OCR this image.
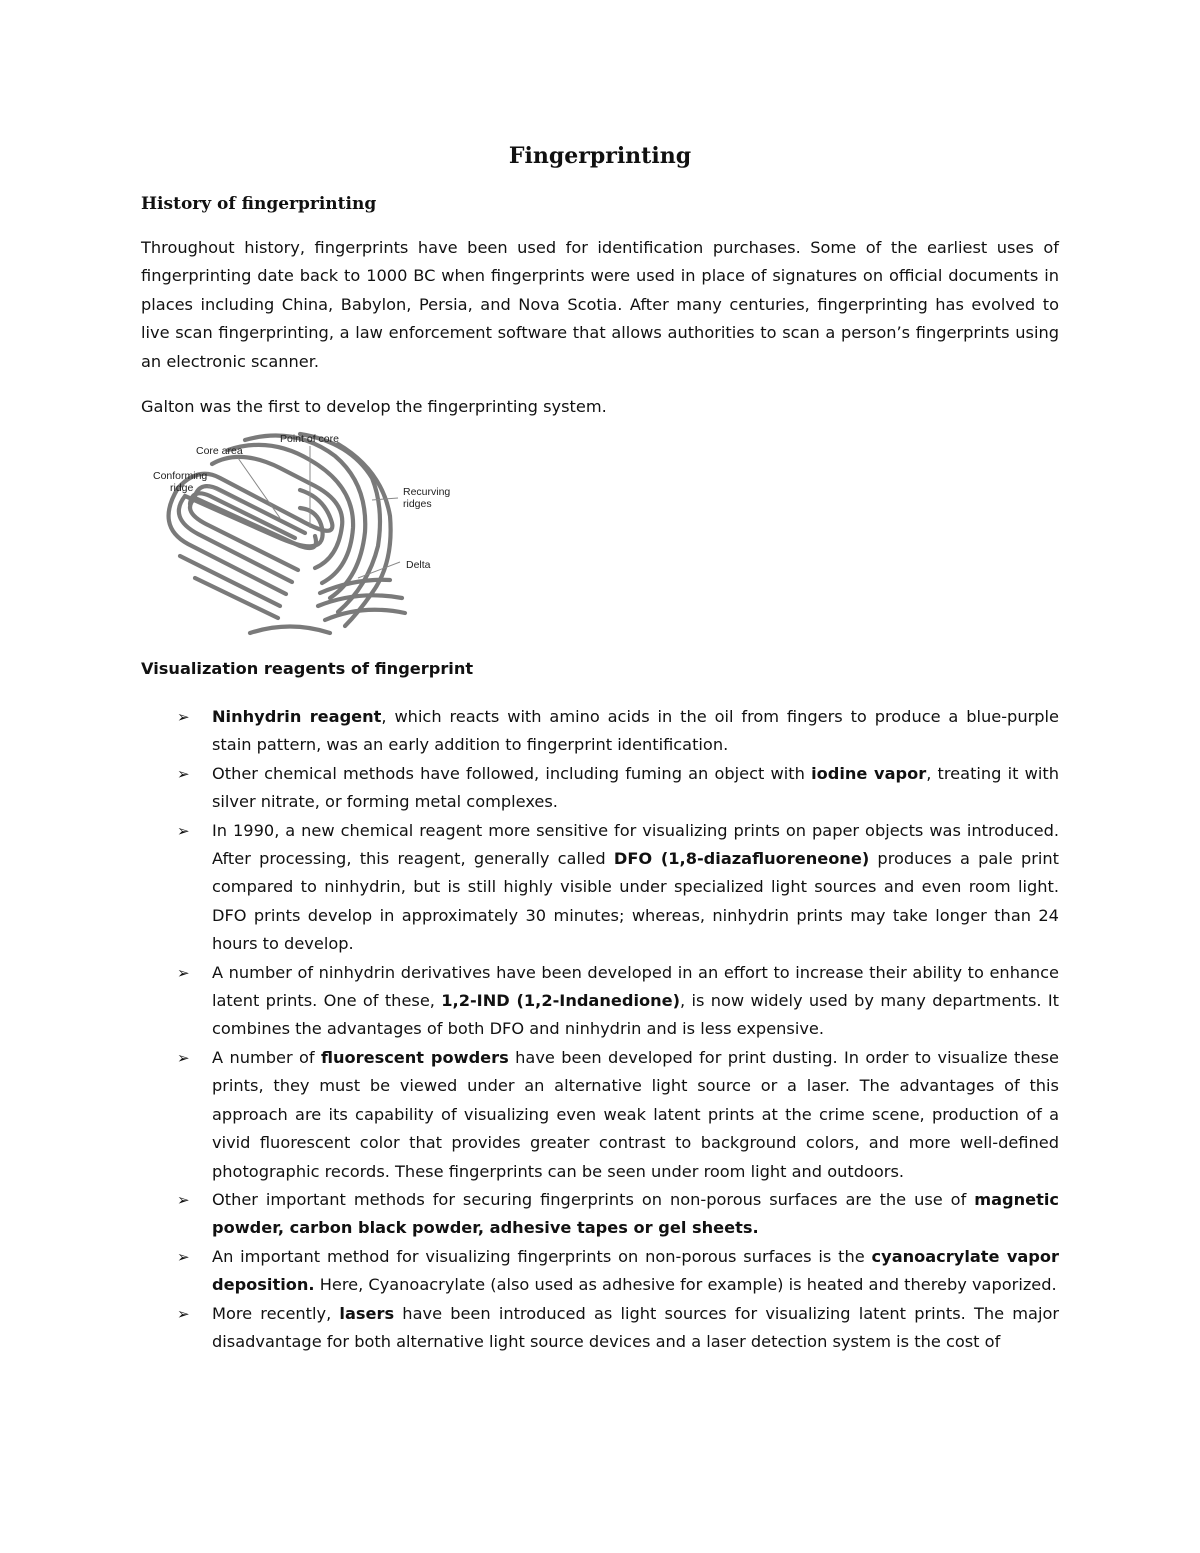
Fingerprinting
History of fingerprinting

Throughout history, fingerprints have been used for identification purchases. Some of the earliest uses of fingerprinting date back to 1000 BC when fingerprints were used in place of signatures on official documents in places including China, Babylon, Persia, and Nova Scotia. After many centuries, fingerprinting has evolved to live scan fingerprinting, a law enforcement software that allows authorities to scan a person’s fingerprints using an electronic scanner.

Galton was the first to develop the fingerprinting system.

Point of core
Core area
Conforming
ridge	Recurving
ridges
Delta
Visualization reagents of fingerprint
➢ Ninhydrin reagent, which reacts with amino acids in the oil from fingers to produce a blue-purple stain pattern, was an early addition to fingerprint identification.
➢ Other chemical methods have followed, including fuming an object with iodine vapor, treating it with silver nitrate, or forming metal complexes.
➢ In 1990, a new chemical reagent more sensitive for visualizing prints on paper objects was introduced. After processing, this reagent, generally called DFO (1,8-diazafluoreneone) produces a pale print compared to ninhydrin, but is still highly visible under specialized light sources and even room light. DFO prints develop in approximately 30 minutes; whereas, ninhydrin prints may take longer than 24 hours to develop.
➢ A number of ninhydrin derivatives have been developed in an effort to increase their ability to enhance latent prints. One of these, 1,2-IND (1,2-Indanedione), is now widely used by many departments. It combines the advantages of both DFO and ninhydrin and is less expensive.
➢ A number of fluorescent powders have been developed for print dusting. In order to visualize these prints, they must be viewed under an alternative light source or a laser. The advantages of this approach are its capability of visualizing even weak latent prints at the crime scene, production of a vivid fluorescent color that provides greater contrast to background colors, and more well-defined photographic records. These fingerprints can be seen under room light and outdoors.
➢ Other important methods for securing fingerprints on non-porous surfaces are the use of magnetic powder, carbon black powder, adhesive tapes or gel sheets.
➢ An important method for visualizing fingerprints on non-porous surfaces is the cyanoacrylate vapor deposition. Here, Cyanoacrylate (also used as adhesive for example) is heated and thereby vaporized.
➢ More recently, lasers have been introduced as light sources for visualizing latent prints. The major disadvantage for both alternative light source devices and a laser detection system is the cost of
